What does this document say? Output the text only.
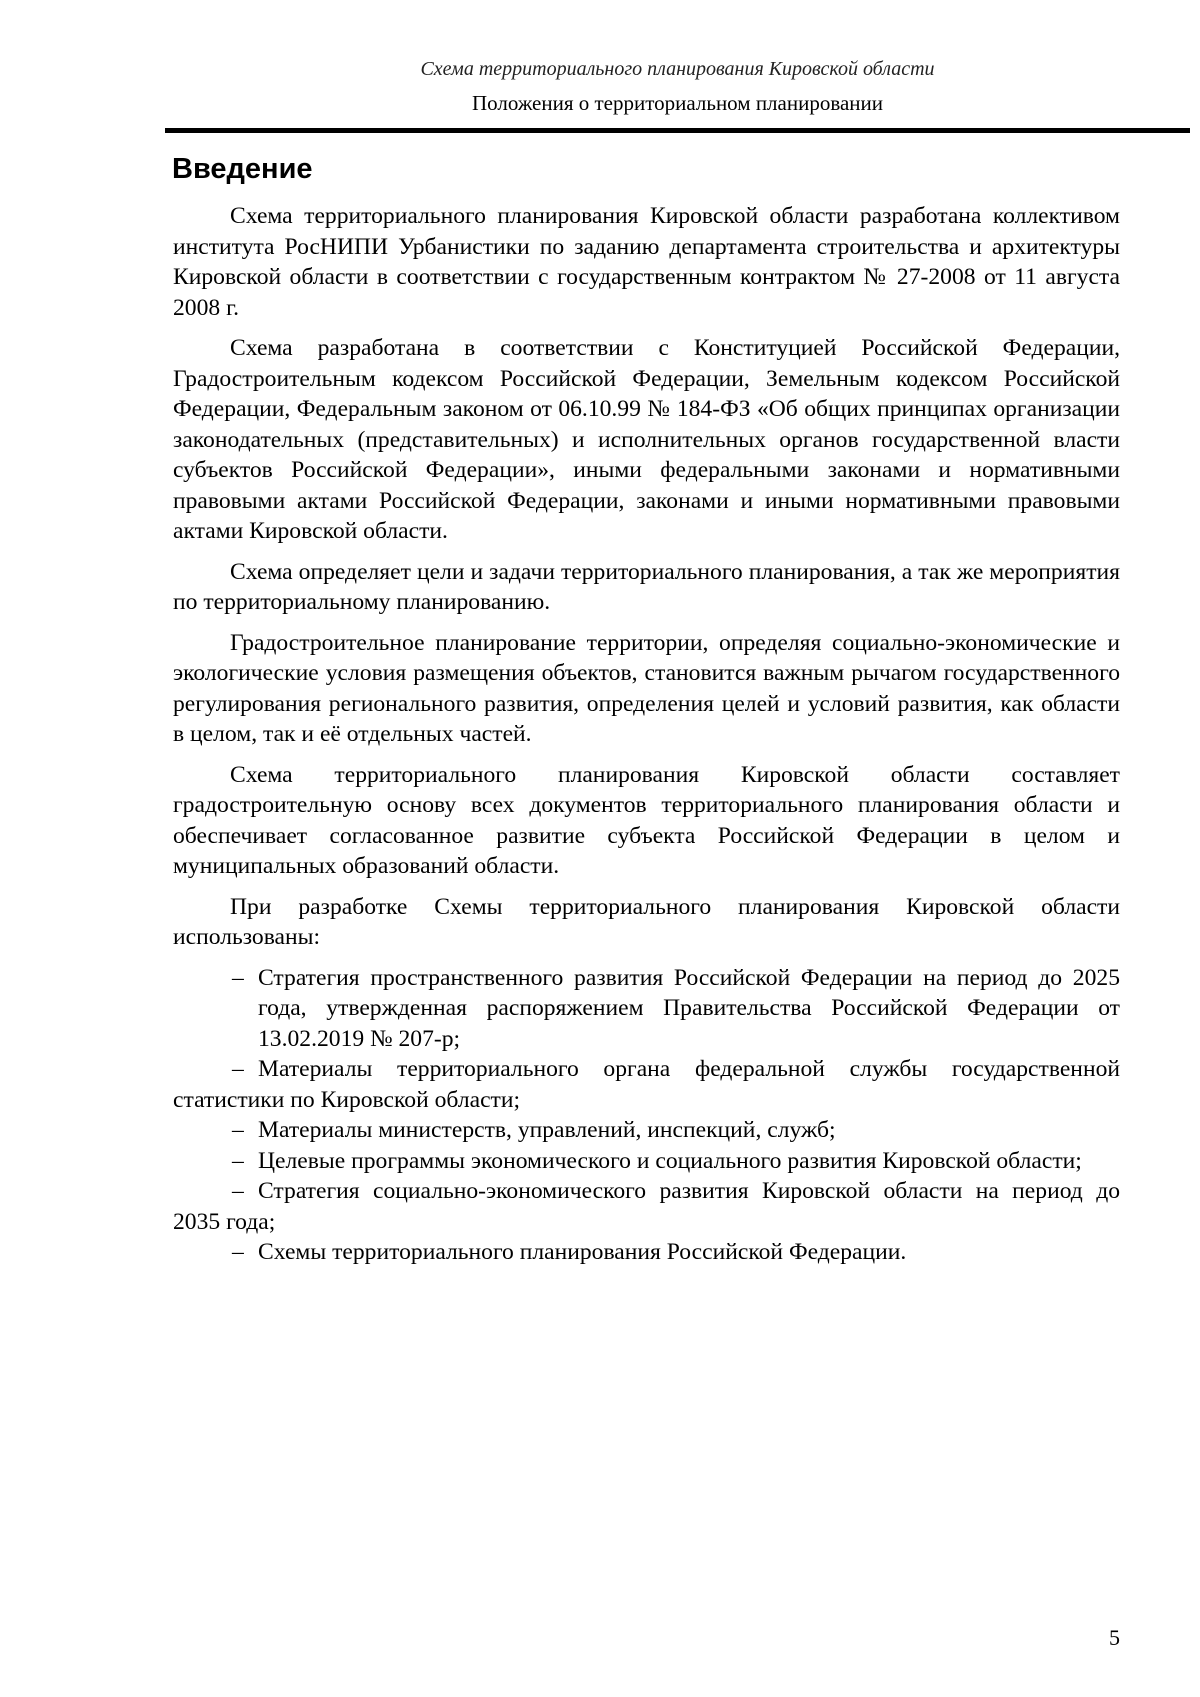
Схема территориального планирования Кировской области
Положения о территориальном планировании
Введение

Схема территориального планирования Кировской области разработана коллективом института РосНИПИ Урбанистики по заданию департамента строительства и архитектуры Кировской области в соответствии с государственным контрактом № 27-2008 от 11 августа 2008 г.

Схема разработана в соответствии с Конституцией Российской Федерации, Градостроительным кодексом Российской Федерации, Земельным кодексом Российской Федерации, Федеральным законом от 06.10.99 № 184-ФЗ «Об общих принципах организации законодательных (представительных) и исполнительных органов государственной власти субъектов Российской Федерации», иными федеральными законами и нормативными правовыми актами Российской Федерации, законами и иными нормативными правовыми актами Кировской области.

Схема определяет цели и задачи территориального планирования, а так же мероприятия по территориальному планированию.

Градостроительное планирование территории, определяя социально-экономические и экологические условия размещения объектов, становится важным рычагом государственного регулирования регионального развития, определения целей и условий развития, как области в целом, так и её отдельных частей.

Схема территориального планирования Кировской области составляет градостроительную основу всех документов территориального планирования области и обеспечивает согласованное развитие субъекта Российской Федерации в целом и муниципальных образований области.

При разработке Схемы территориального планирования Кировской области использованы:

– Стратегия пространственного развития Российской Федерации на период до 2025 года, утвержденная распоряжением Правительства Российской Федерации от 13.02.2019 № 207-р;

– Материалы территориального органа федеральной службы государственной статистики по Кировской области;

– Материалы министерств, управлений, инспекций, служб;

– Целевые программы экономического и социального развития Кировской области;

– Стратегия социально-экономического развития Кировской области на период до 2035 года;

– Схемы территориального планирования Российской Федерации.

5
